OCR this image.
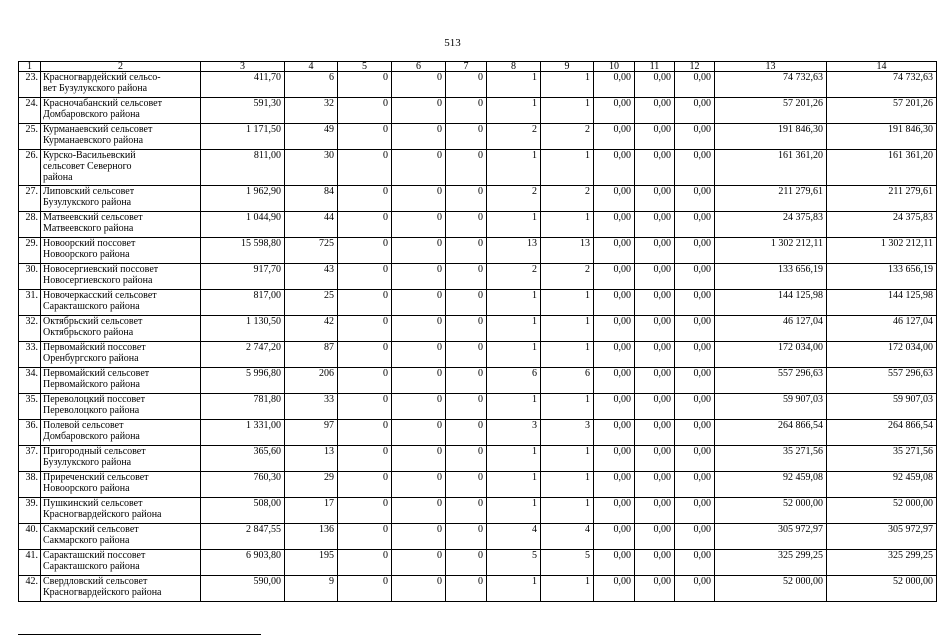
513
1	2	3	4	5	6	7	8	9	10	11	12	13	14
23.	Красногвардейский сельсо-
вет Бузулукского района	411,70	6	0	0	0	1	1	0,00	0,00	0,00	74 732,63	74 732,63
24.	Красночабанский сельсовет
Домбаровского района	591,30	32	0	0	0	1	1	0,00	0,00	0,00	57 201,26	57 201,26
25.	Курманаевский сельсовет
Курманаевского района	1 171,50	49	0	0	0	2	2	0,00	0,00	0,00	191 846,30	191 846,30
26.	Курско-Васильевский
сельсовет Северного
района	811,00	30	0	0	0	1	1	0,00	0,00	0,00	161 361,20	161 361,20
27.	Липовский сельсовет
Бузулукского района	1 962,90	84	0	0	0	2	2	0,00	0,00	0,00	211 279,61	211 279,61
28.	Матвеевский сельсовет
Матвеевского района	1 044,90	44	0	0	0	1	1	0,00	0,00	0,00	24 375,83	24 375,83
29.	Новоорский поссовет
Новоорского района	15 598,80	725	0	0	0	13	13	0,00	0,00	0,00	1 302 212,11	1 302 212,11
30.	Новосергиевский поссовет
Новосергиевского района	917,70	43	0	0	0	2	2	0,00	0,00	0,00	133 656,19	133 656,19
31.	Новочеркасский сельсовет
Саракташского района	817,00	25	0	0	0	1	1	0,00	0,00	0,00	144 125,98	144 125,98
32.	Октябрьский сельсовет
Октябрьского района	1 130,50	42	0	0	0	1	1	0,00	0,00	0,00	46 127,04	46 127,04
33.	Первомайский поссовет
Оренбургского района	2 747,20	87	0	0	0	1	1	0,00	0,00	0,00	172 034,00	172 034,00
34.	Первомайский сельсовет
Первомайского района	5 996,80	206	0	0	0	6	6	0,00	0,00	0,00	557 296,63	557 296,63
35.	Переволоцкий поссовет
Переволоцкого района	781,80	33	0	0	0	1	1	0,00	0,00	0,00	59 907,03	59 907,03
36.	Полевой сельсовет
Домбаровского района	1 331,00	97	0	0	0	3	3	0,00	0,00	0,00	264 866,54	264 866,54
37.	Пригородный сельсовет
Бузулукского района	365,60	13	0	0	0	1	1	0,00	0,00	0,00	35 271,56	35 271,56
38.	Приреченский сельсовет
Новоорского района	760,30	29	0	0	0	1	1	0,00	0,00	0,00	92 459,08	92 459,08
39.	Пушкинский сельсовет
Красногвардейского района	508,00	17	0	0	0	1	1	0,00	0,00	0,00	52 000,00	52 000,00
40.	Сакмарский сельсовет
Сакмарского района	2 847,55	136	0	0	0	4	4	0,00	0,00	0,00	305 972,97	305 972,97
41.	Саракташский поссовет
Саракташского района	6 903,80	195	0	0	0	5	5	0,00	0,00	0,00	325 299,25	325 299,25
42.	Свердловский сельсовет
Красногвардейского района	590,00	9	0	0	0	1	1	0,00	0,00	0,00	52 000,00	52 000,00
